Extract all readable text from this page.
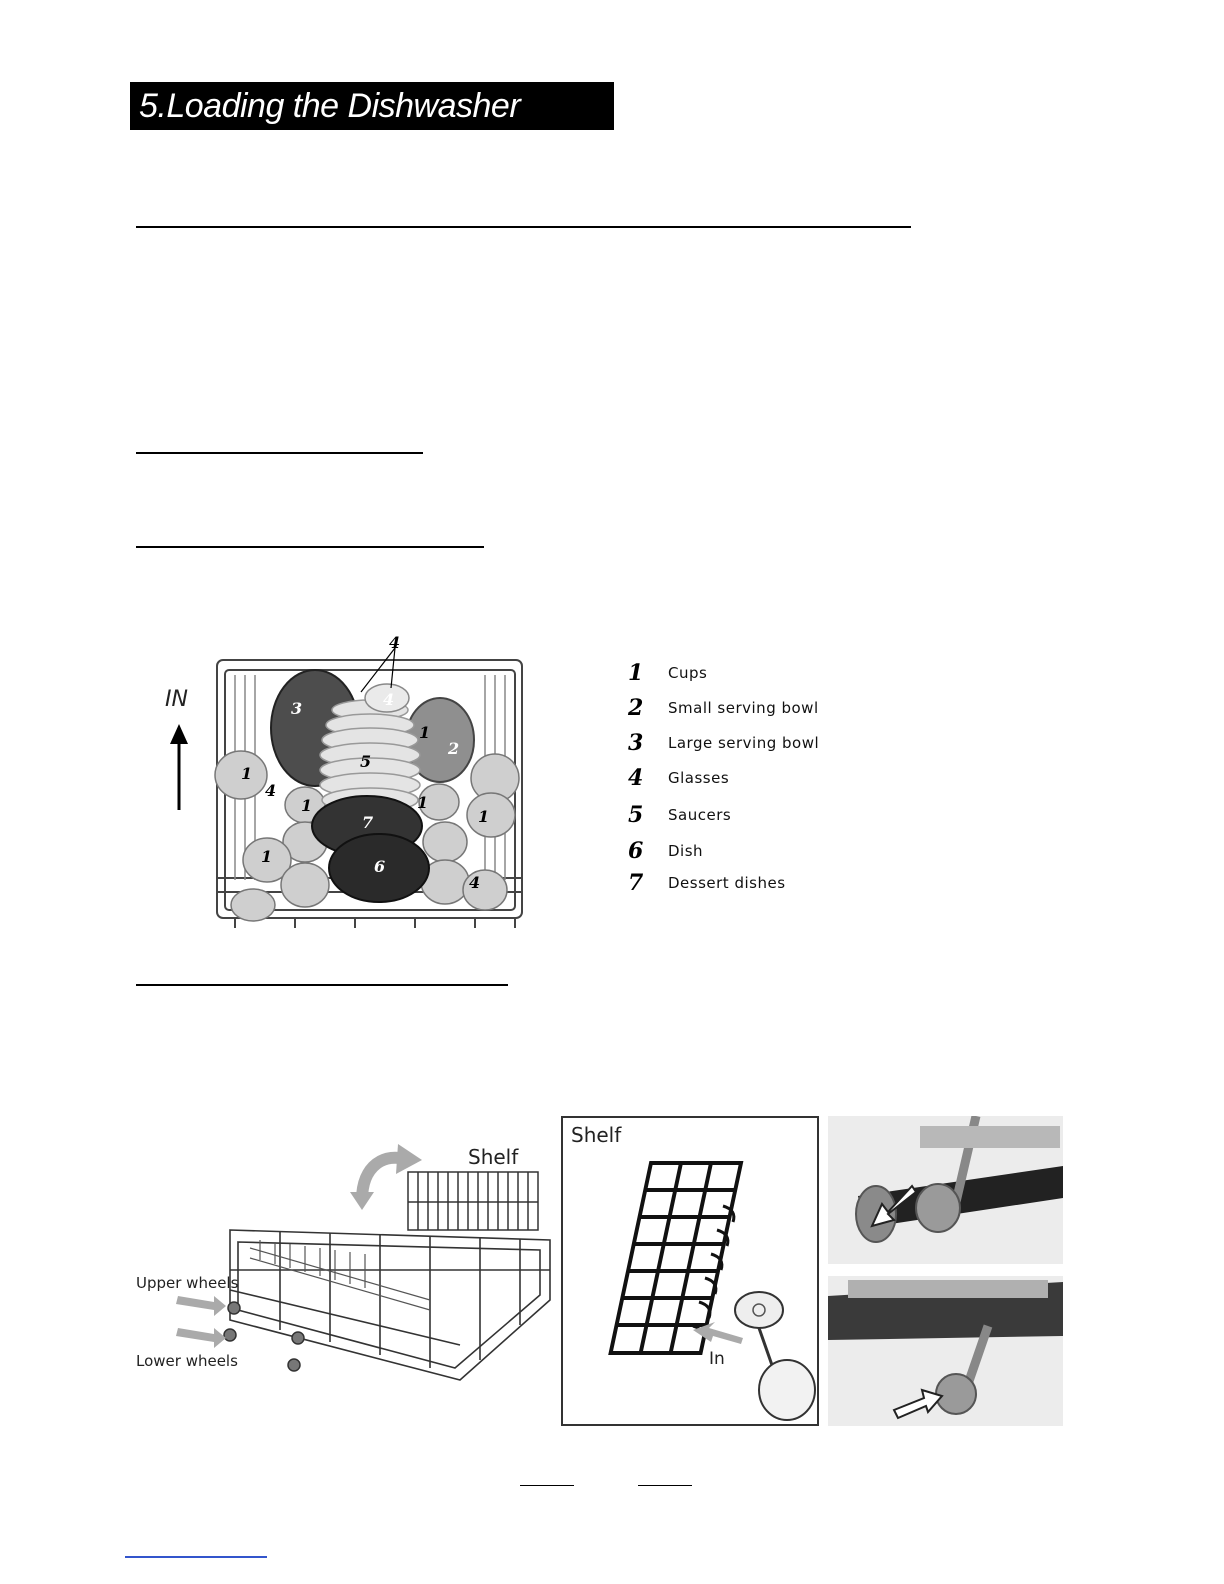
5.Loading the Dishwasher Basket
IN
4
4
3
5
1
2
1
4
1	1
1
7
1
6
4
1	Cups
2	Small serving bowl
3	Large serving bowl
4	Glasses
5	Saucers
6	Dish
7	Dessert dishes
Shelf
Upper wheels
Lower wheels
Shelf
In
